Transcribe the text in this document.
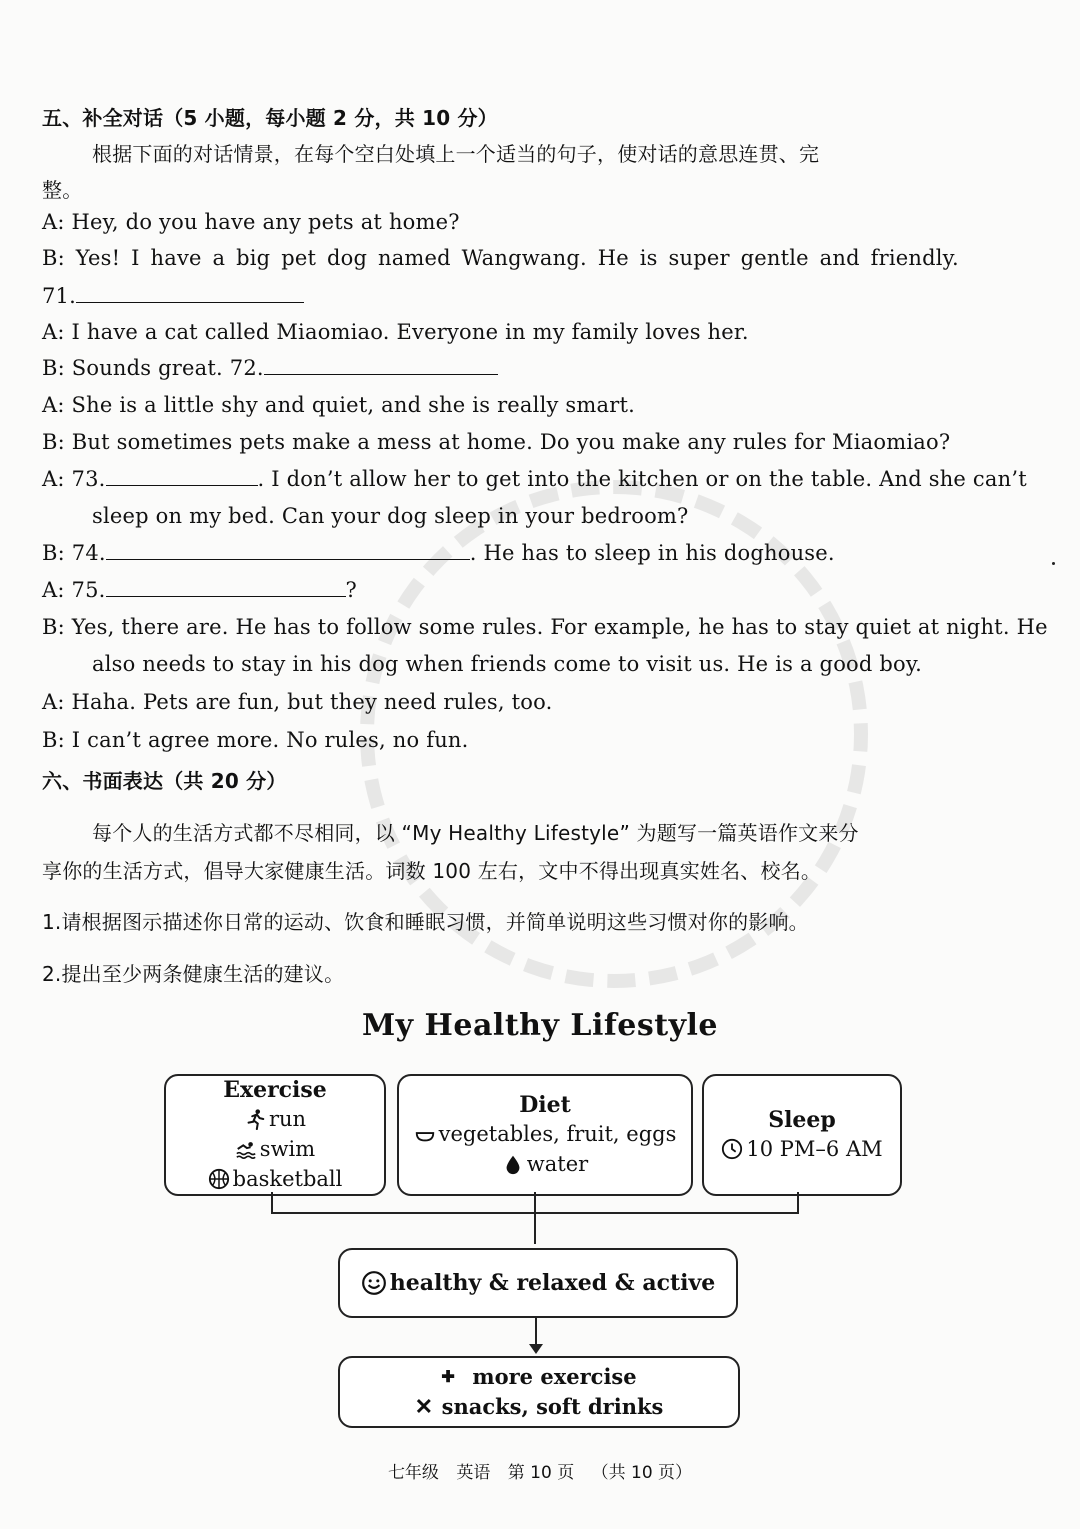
五、补全对话（5 小题，每小题 2 分，共 10 分）
根据下面的对话情景，在每个空白处填上一个适当的句子，使对话的意思连贯、完
整。
A: Hey, do you have any pets at home?
B: Yes! I have a big pet dog named Wangwang. He is super gentle and friendly.
71.
A: I have a cat called Miaomiao. Everyone in my family loves her.
B: Sounds great. 72.
A: She is a little shy and quiet, and she is really smart.
B: But sometimes pets make a mess at home. Do you make any rules for Miaomiao?
A: 73.	. I don’t allow her to get into the kitchen or on the table. And she can’t
sleep on my bed. Can your dog sleep in your bedroom?
B: 74.	. He has to sleep in his doghouse.
A: 75.	?
B: Yes, there are. He has to follow some rules. For example, he has to stay quiet at night. He
also needs to stay in his dog when friends come to visit us. He is a good boy.
A: Haha. Pets are fun, but they need rules, too.
B: I can’t agree more. No rules, no fun.
六、书面表达（共 20 分）
每个人的生活方式都不尽相同，以 “My Healthy Lifestyle” 为题写一篇英语作文来分
享你的生活方式，倡导大家健康生活。词数 100 左右，文中不得出现真实姓名、校名。
1.请根据图示描述你日常的运动、饮食和睡眠习惯，并简单说明这些习惯对你的影响。
2.提出至少两条健康生活的建议。
My Healthy Lifestyle
Exercise
run
swim
basketball
Diet
vegetables, fruit, eggs
water
Sleep
10 PM–6 AM
healthy & relaxed & active
✚ more exercise
✕ snacks, soft drinks
七年级 英语 第 10 页 （共 10 页）
